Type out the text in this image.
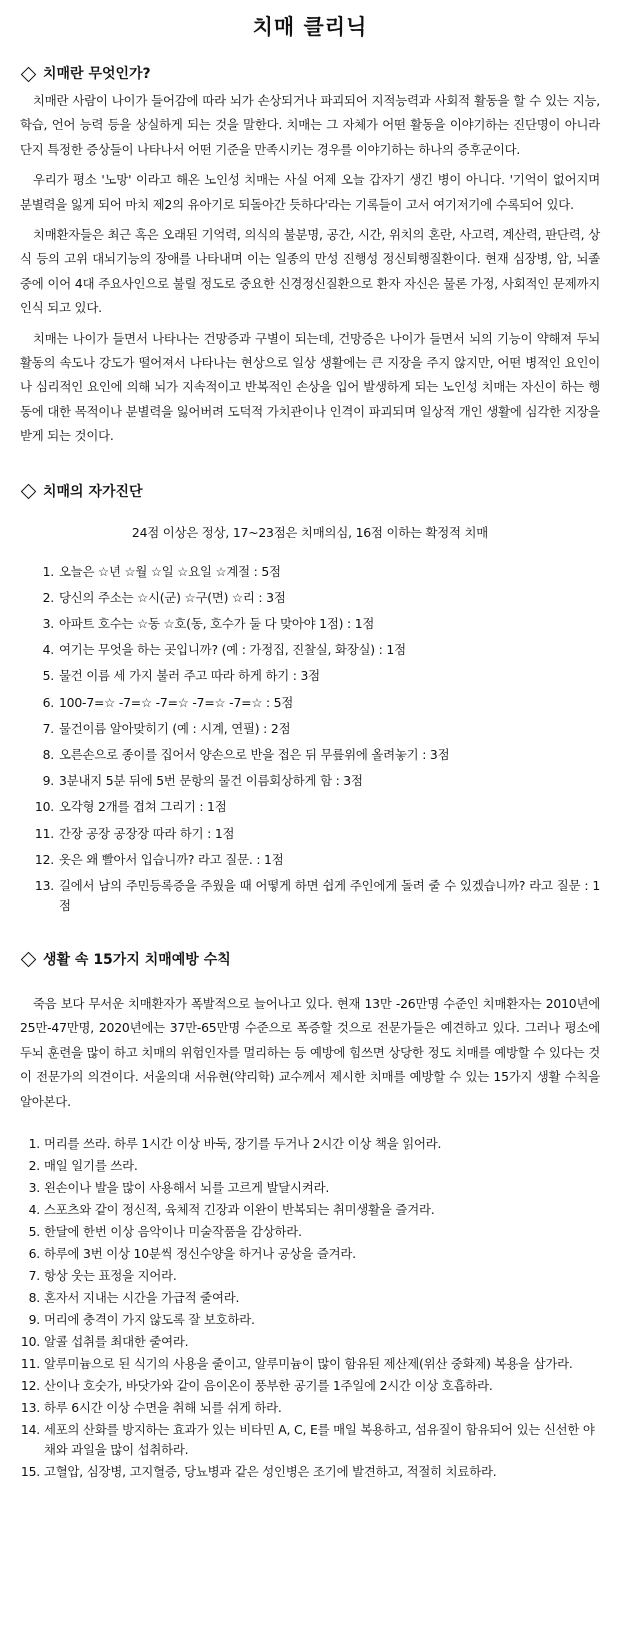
치매 클리닉
치매란 무엇인가?

치매란 사람이 나이가 들어감에 따라 뇌가 손상되거나 파괴되어 지적능력과 사회적 활동을 할 수 있는 지능, 학습, 언어 능력 등을 상실하게 되는 것을 말한다. 치매는 그 자체가 어떤 활동을 이야기하는 진단명이 아니라 단지 특정한 증상들이 나타나서 어떤 기준을 만족시키는 경우를 이야기하는 하나의 증후군이다.

우리가 평소 '노망' 이라고 해온 노인성 치매는 사실 어제 오늘 갑자기 생긴 병이 아니다. '기억이 없어지며 분별력을 잃게 되어 마치 제2의 유아기로 되돌아간 듯하다'라는 기록들이 고서 여기저기에 수록되어 있다.

치매환자들은 최근 혹은 오래된 기억력, 의식의 불분명, 공간, 시간, 위치의 혼란, 사고력, 계산력, 판단력, 상식 등의 고위 대뇌기능의 장애를 나타내며 이는 일종의 만성 진행성 정신퇴행질환이다. 현재 심장병, 암, 뇌졸중에 이어 4대 주요사인으로 불릴 정도로 중요한 신경정신질환으로 환자 자신은 물론 가정, 사회적인 문제까지 인식 되고 있다.

치매는 나이가 들면서 나타나는 건망증과 구별이 되는데, 건망증은 나이가 들면서 뇌의 기능이 약해져 두뇌 활동의 속도나 강도가 떨어져서 나타나는 현상으로 일상 생활에는 큰 지장을 주지 않지만, 어떤 병적인 요인이나 심리적인 요인에 의해 뇌가 지속적이고 반복적인 손상을 입어 발생하게 되는 노인성 치매는 자신이 하는 행동에 대한 목적이나 분별력을 잃어버려 도덕적 가치관이나 인격이 파괴되며 일상적 개인 생활에 심각한 지장을 받게 되는 것이다.

치매의 자가진단
24점 이상은 정상, 17~23점은 치매의심, 16점 이하는 확정적 치매
1. 오늘은 ☆년 ☆월 ☆일 ☆요일 ☆계절 : 5점
2. 당신의 주소는 ☆시(군) ☆구(면) ☆리 : 3점
3. 아파트 호수는 ☆동 ☆호(동, 호수가 둘 다 맞아야 1점) : 1점
4. 여기는 무엇을 하는 곳입니까? (예 : 가정집, 진찰실, 화장실) : 1점
5. 물건 이름 세 가지 불러 주고 따라 하게 하기 : 3점
6. 100-7=☆ -7=☆ -7=☆ -7=☆ -7=☆ : 5점
7. 물건이름 알아맞히기 (예 : 시계, 연필) : 2점
8. 오른손으로 종이를 집어서 양손으로 반을 접은 뒤 무릎위에 올려놓기 : 3점
9. 3분내지 5분 뒤에 5번 문항의 물건 이름회상하게 함 : 3점
10. 오각형 2개를 겹쳐 그리기 : 1점
11. 간장 공장 공장장 따라 하기 : 1점
12. 옷은 왜 빨아서 입습니까? 라고 질문. : 1점
13. 길에서 남의 주민등록증을 주웠을 때 어떻게 하면 쉽게 주인에게 돌려 줄 수 있겠습니까? 라고 질문 : 1점
생활 속 15가지 치매예방 수칙

죽음 보다 무서운 치매환자가 폭발적으로 늘어나고 있다. 현재 13만 -26만명 수준인 치매환자는 2010년에 25만-47만명, 2020년에는 37만-65만명 수준으로 폭증할 것으로 전문가들은 예견하고 있다. 그러나 평소에 두뇌 훈련을 많이 하고 치매의 위험인자를 멀리하는 등 예방에 힘쓰면 상당한 정도 치매를 예방할 수 있다는 것이 전문가의 의견이다. 서울의대 서유현(약리학) 교수께서 제시한 치매를 예방할 수 있는 15가지 생활 수칙을 알아본다.

1. 머리를 쓰라. 하루 1시간 이상 바둑, 장기를 두거나 2시간 이상 책을 읽어라.
2. 매일 일기를 쓰라.
3. 왼손이나 발을 많이 사용해서 뇌를 고르게 발달시켜라.
4. 스포츠와 같이 정신적, 육체적 긴장과 이완이 반복되는 취미생활을 즐겨라.
5. 한달에 한번 이상 음악이나 미술작품을 감상하라.
6. 하루에 3번 이상 10분씩 정신수양을 하거나 공상을 즐겨라.
7. 항상 웃는 표정을 지어라.
8. 혼자서 지내는 시간을 가급적 줄여라.
9. 머리에 충격이 가지 않도록 잘 보호하라.
10. 알콜 섭취를 최대한 줄여라.
11. 알루미늄으로 된 식기의 사용을 줄이고, 알루미늄이 많이 함유된 제산제(위산 중화제) 복용을 삼가라.
12. 산이나 호숫가, 바닷가와 같이 음이온이 풍부한 공기를 1주일에 2시간 이상 호흡하라.
13. 하루 6시간 이상 수면을 취해 뇌를 쉬게 하라.
14. 세포의 산화를 방지하는 효과가 있는 비타민 A, C, E를 매일 복용하고, 섬유질이 함유되어 있는 신선한 야채와 과일을 많이 섭취하라.
15. 고혈압, 심장병, 고지혈증, 당뇨병과 같은 성인병은 조기에 발견하고, 적절히 치료하라.
